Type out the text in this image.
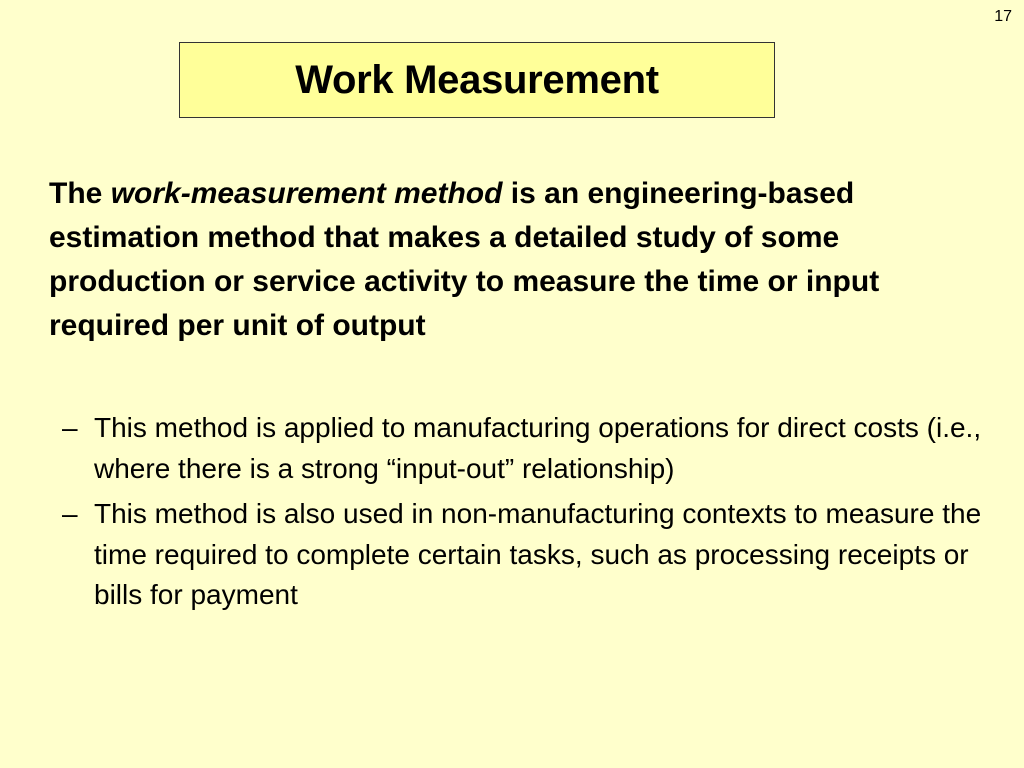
17
Work Measurement

The work-measurement method is an engineering-based estimation method that makes a detailed study of some production or service activity to measure the time or input required per unit of output

– This method is applied to manufacturing operations for direct costs (i.e., where there is a strong “input-out” relationship)
– This method is also used in non-manufacturing contexts to measure the time required to complete certain tasks, such as processing receipts or bills for payment
